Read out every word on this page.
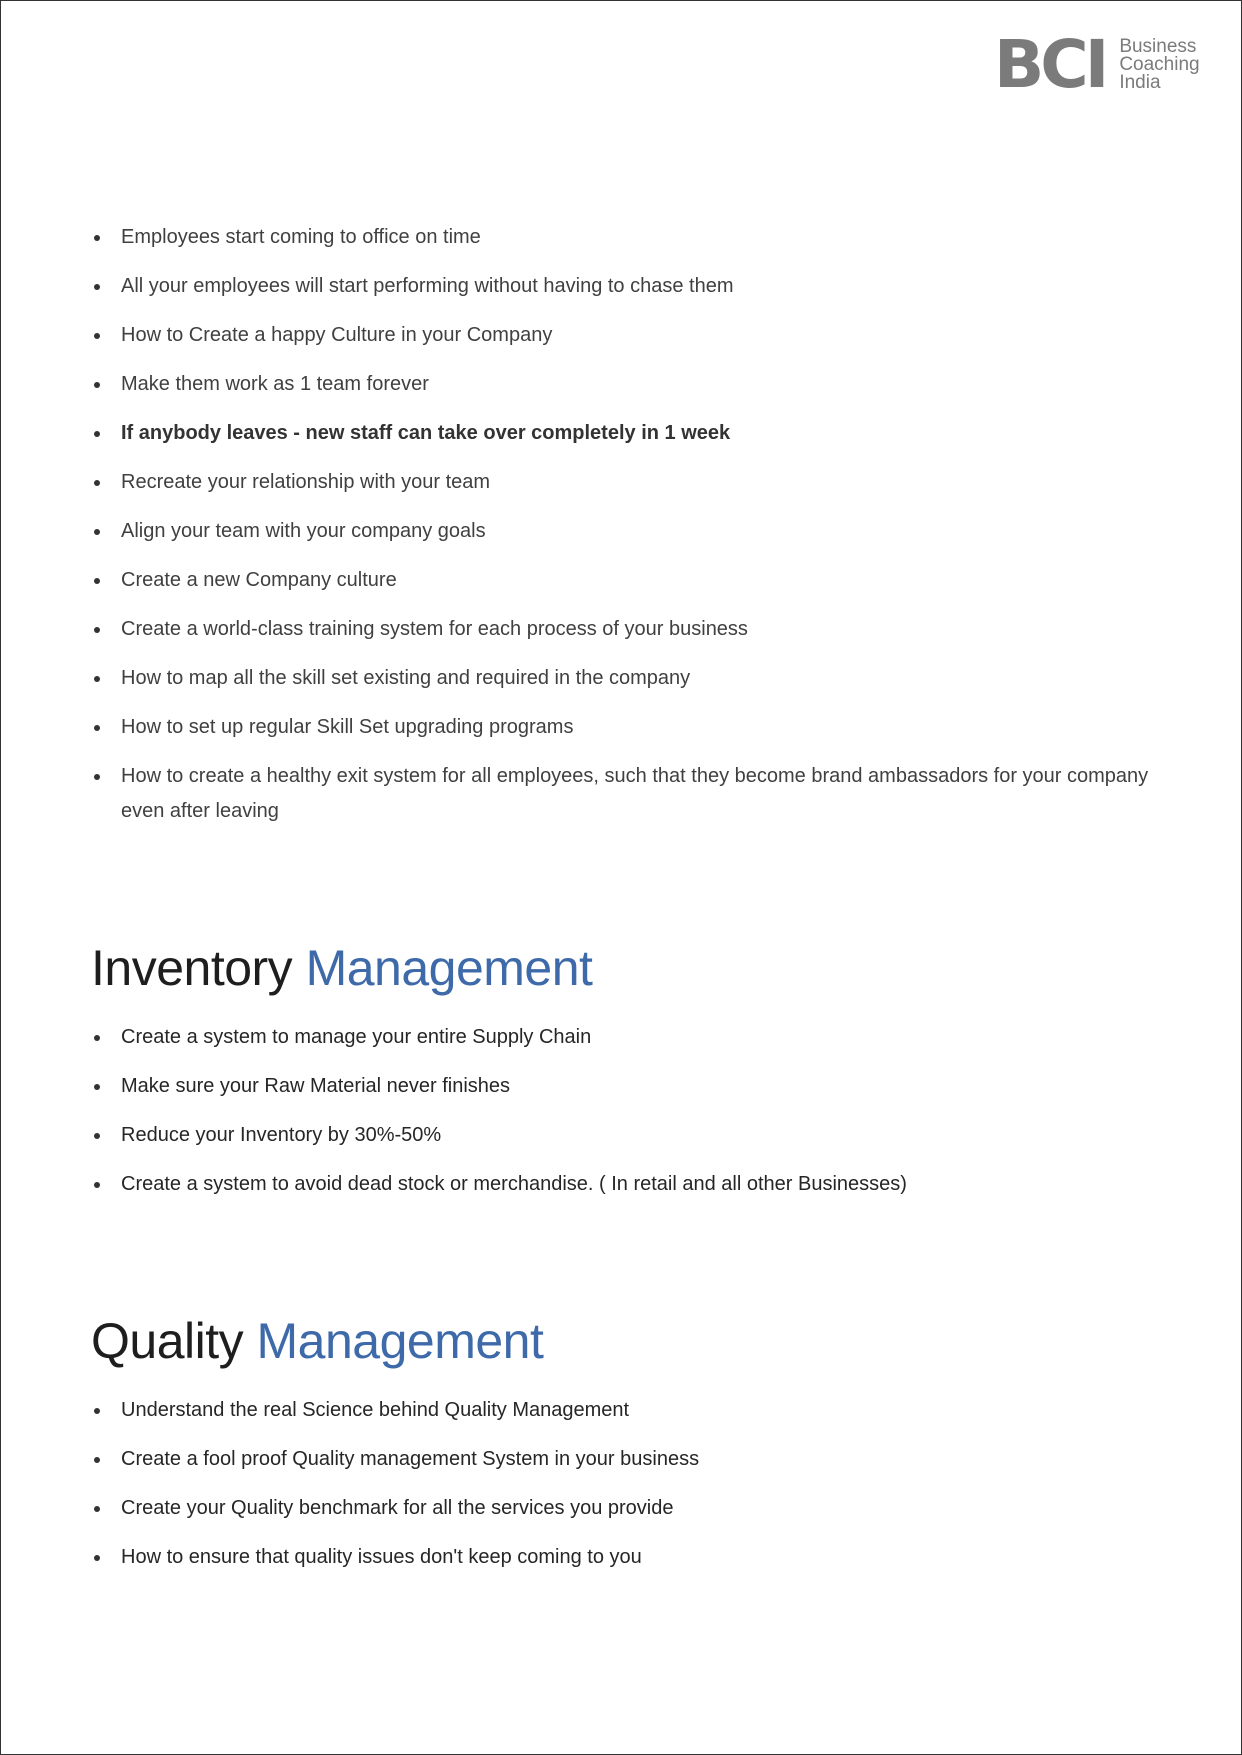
BCI Business
Coaching
India
Employees start coming to office on time
All your employees will start performing without having to chase them
How to Create a happy Culture in your Company
Make them work as 1 team forever
If anybody leaves - new staff can take over completely in 1 week
Recreate your relationship with your team
Align your team with your company goals
Create a new Company culture
Create a world-class training system for each process of your business
How to map all the skill set existing and required in the company
How to set up regular Skill Set upgrading programs
How to create a healthy exit system for all employees, such that they become brand ambassadors for your company even after leaving
Inventory Management
Create a system to manage your entire Supply Chain
Make sure your Raw Material never finishes
Reduce your Inventory by 30%-50%
Create a system to avoid dead stock or merchandise. ( In retail and all other Businesses)
Quality Management
Understand the real Science behind Quality Management
Create a fool proof Quality management System in your business
Create your Quality benchmark for all the services you provide
How to ensure that quality issues don't keep coming to you
